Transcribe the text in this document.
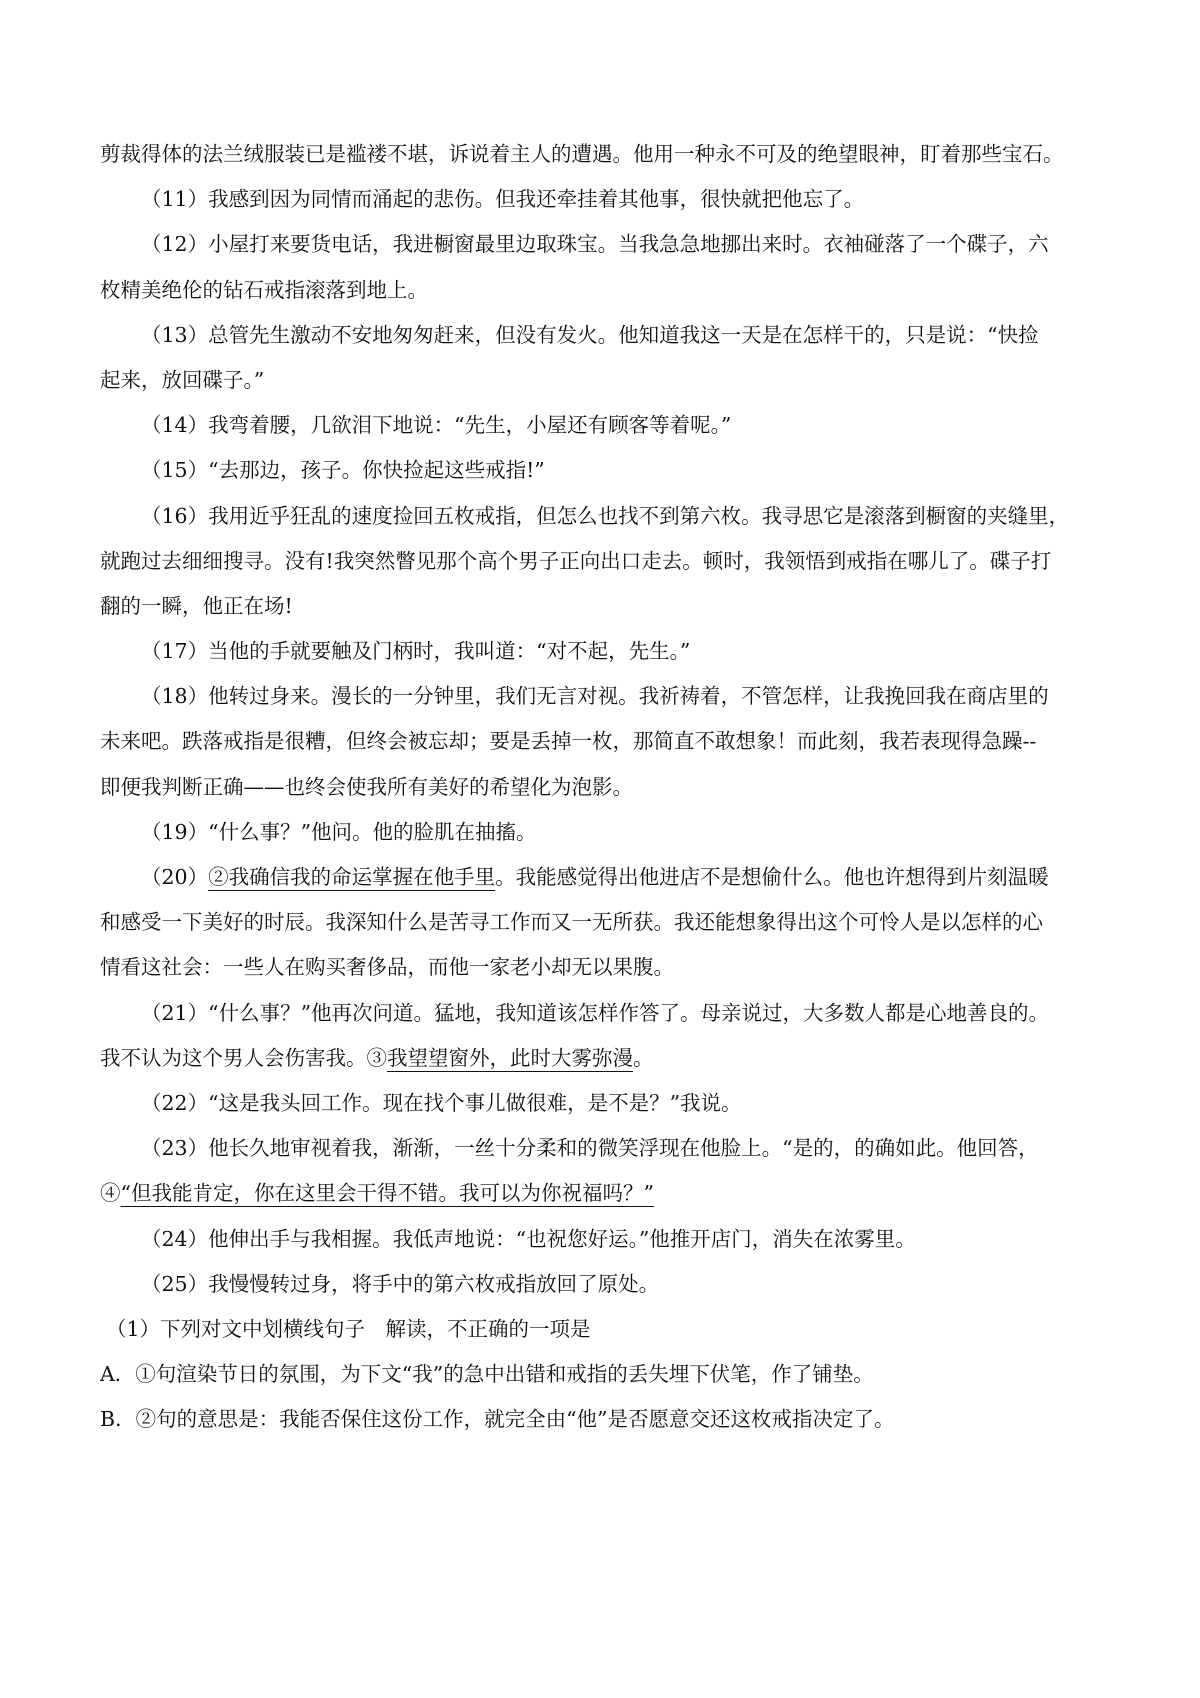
剪裁得体的法兰绒服装已是褴褛不堪，诉说着主人的遭遇。他用一种永不可及的绝望眼神，盯着那些宝石。
（11）我感到因为同情而涌起的悲伤。但我还牵挂着其他事，很快就把他忘了。
（12）小屋打来要货电话，我进橱窗最里边取珠宝。当我急急地挪出来时。衣袖碰落了一个碟子，六
枚精美绝伦的钻石戒指滚落到地上。
（13）总管先生激动不安地匆匆赶来，但没有发火。他知道我这一天是在怎样干的，只是说：“快捡
起来，放回碟子。”
（14）我弯着腰，几欲泪下地说：“先生，小屋还有顾客等着呢。”
（15）“去那边，孩子。你快捡起这些戒指!”
（16）我用近乎狂乱的速度捡回五枚戒指，但怎么也找不到第六枚。我寻思它是滚落到橱窗的夹缝里，
就跑过去细细搜寻。没有!我突然瞥见那个高个男子正向出口走去。顿时，我领悟到戒指在哪儿了。碟子打
翻的一瞬，他正在场!
（17）当他的手就要触及门柄时，我叫道：“对不起，先生。”
（18）他转过身来。漫长的一分钟里，我们无言对视。我祈祷着，不管怎样，让我挽回我在商店里的
未来吧。跌落戒指是很糟，但终会被忘却；要是丢掉一枚，那简直不敢想象！而此刻，我若表现得急躁--
即便我判断正确——也终会使我所有美好的希望化为泡影。
（19）“什么事？”他问。他的脸肌在抽搐。
（20）②我确信我的命运掌握在他手里。我能感觉得出他进店不是想偷什么。他也许想得到片刻温暖
和感受一下美好的时辰。我深知什么是苦寻工作而又一无所获。我还能想象得出这个可怜人是以怎样的心
情看这社会：一些人在购买奢侈品，而他一家老小却无以果腹。
（21）“什么事？”他再次问道。猛地，我知道该怎样作答了。母亲说过，大多数人都是心地善良的。
我不认为这个男人会伤害我。③我望望窗外，此时大雾弥漫。
（22）“这是我头回工作。现在找个事儿做很难，是不是？”我说。
（23）他长久地审视着我，渐渐，一丝十分柔和的微笑浮现在他脸上。“是的，的确如此。他回答，
④“但我能肯定，你在这里会干得不错。我可以为你祝福吗？”
（24）他伸出手与我相握。我低声地说：“也祝您好运。”他推开店门，消失在浓雾里。
（25）我慢慢转过身，将手中的第六枚戒指放回了原处。
（1）下列对文中划横线句子　解读，不正确的一项是
A．①句渲染节日的氛围，为下文“我”的急中出错和戒指的丢失埋下伏笔，作了铺垫。
B．②句的意思是：我能否保住这份工作，就完全由“他”是否愿意交还这枚戒指决定了。
